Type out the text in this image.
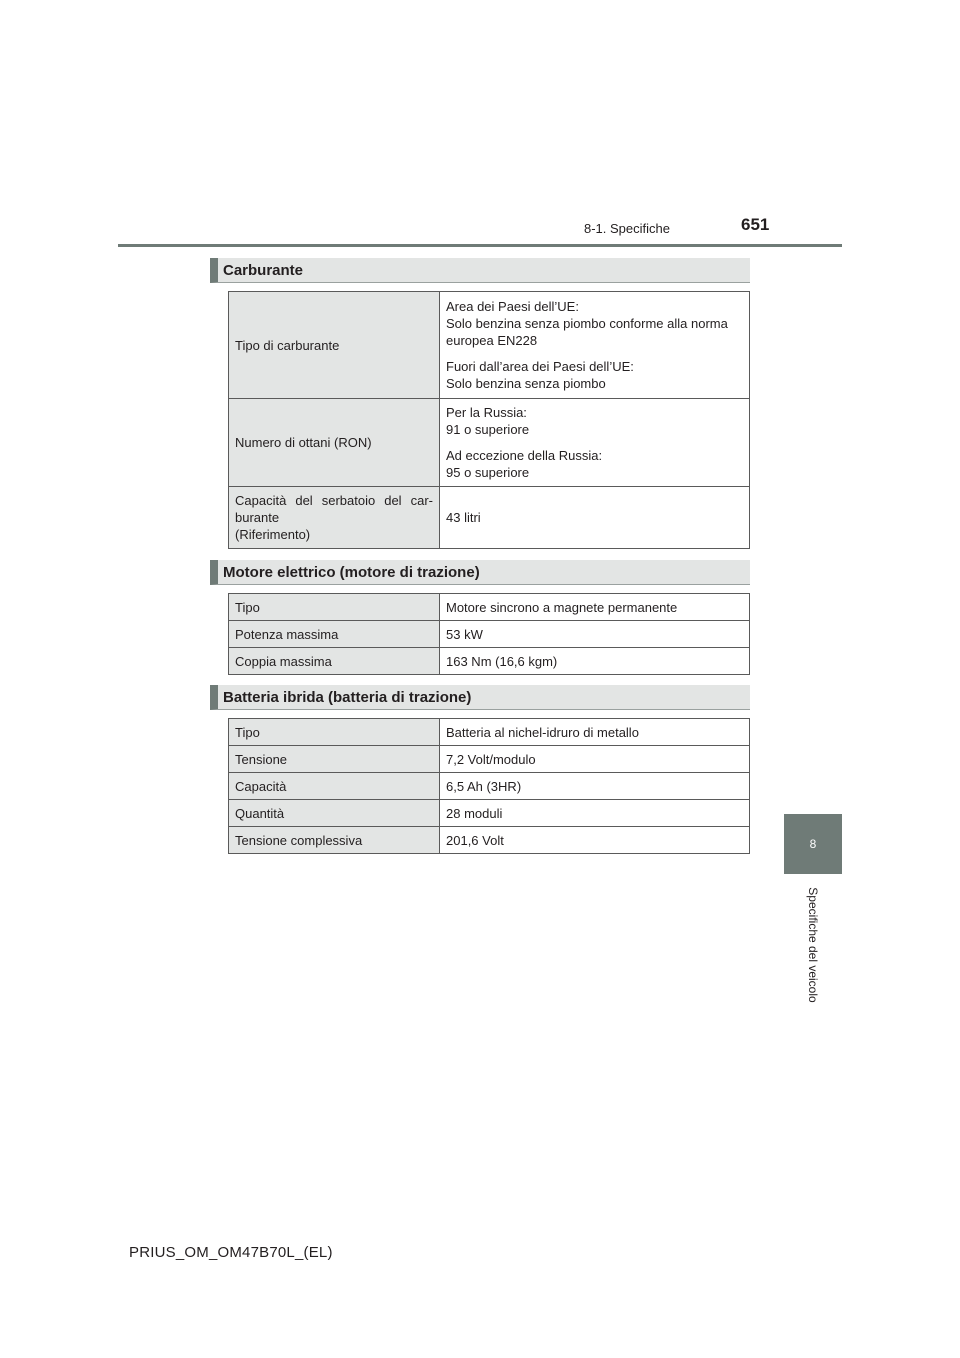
8-1. Specifiche	651
8
Specifiche del veicolo
Carburante
Tipo di carburante	Area dei Paesi dell’UE:
Solo benzina senza piombo conforme alla norma
europea EN228
Fuori dall’area dei Paesi dell’UE:
Solo benzina senza piombo

Numero di ottani (RON)	Per la Russia:
91 o superiore
Ad eccezione della Russia:
95 o superiore

Capacità del serbatoio del car-
burante
(Riferimento)	43 litri
Motore elettrico (motore di trazione)
Tipo	Motore sincrono a magnete permanente
Potenza massima	53 kW
Coppia massima	163 Nm (16,6 kgm)
Batteria ibrida (batteria di trazione)
Tipo	Batteria al nichel-idruro di metallo
Tensione	7,2 Volt/modulo
Capacità	6,5 Ah (3HR)
Quantità	28 moduli
Tensione complessiva	201,6 Volt
PRIUS_OM_OM47B70L_(EL)
